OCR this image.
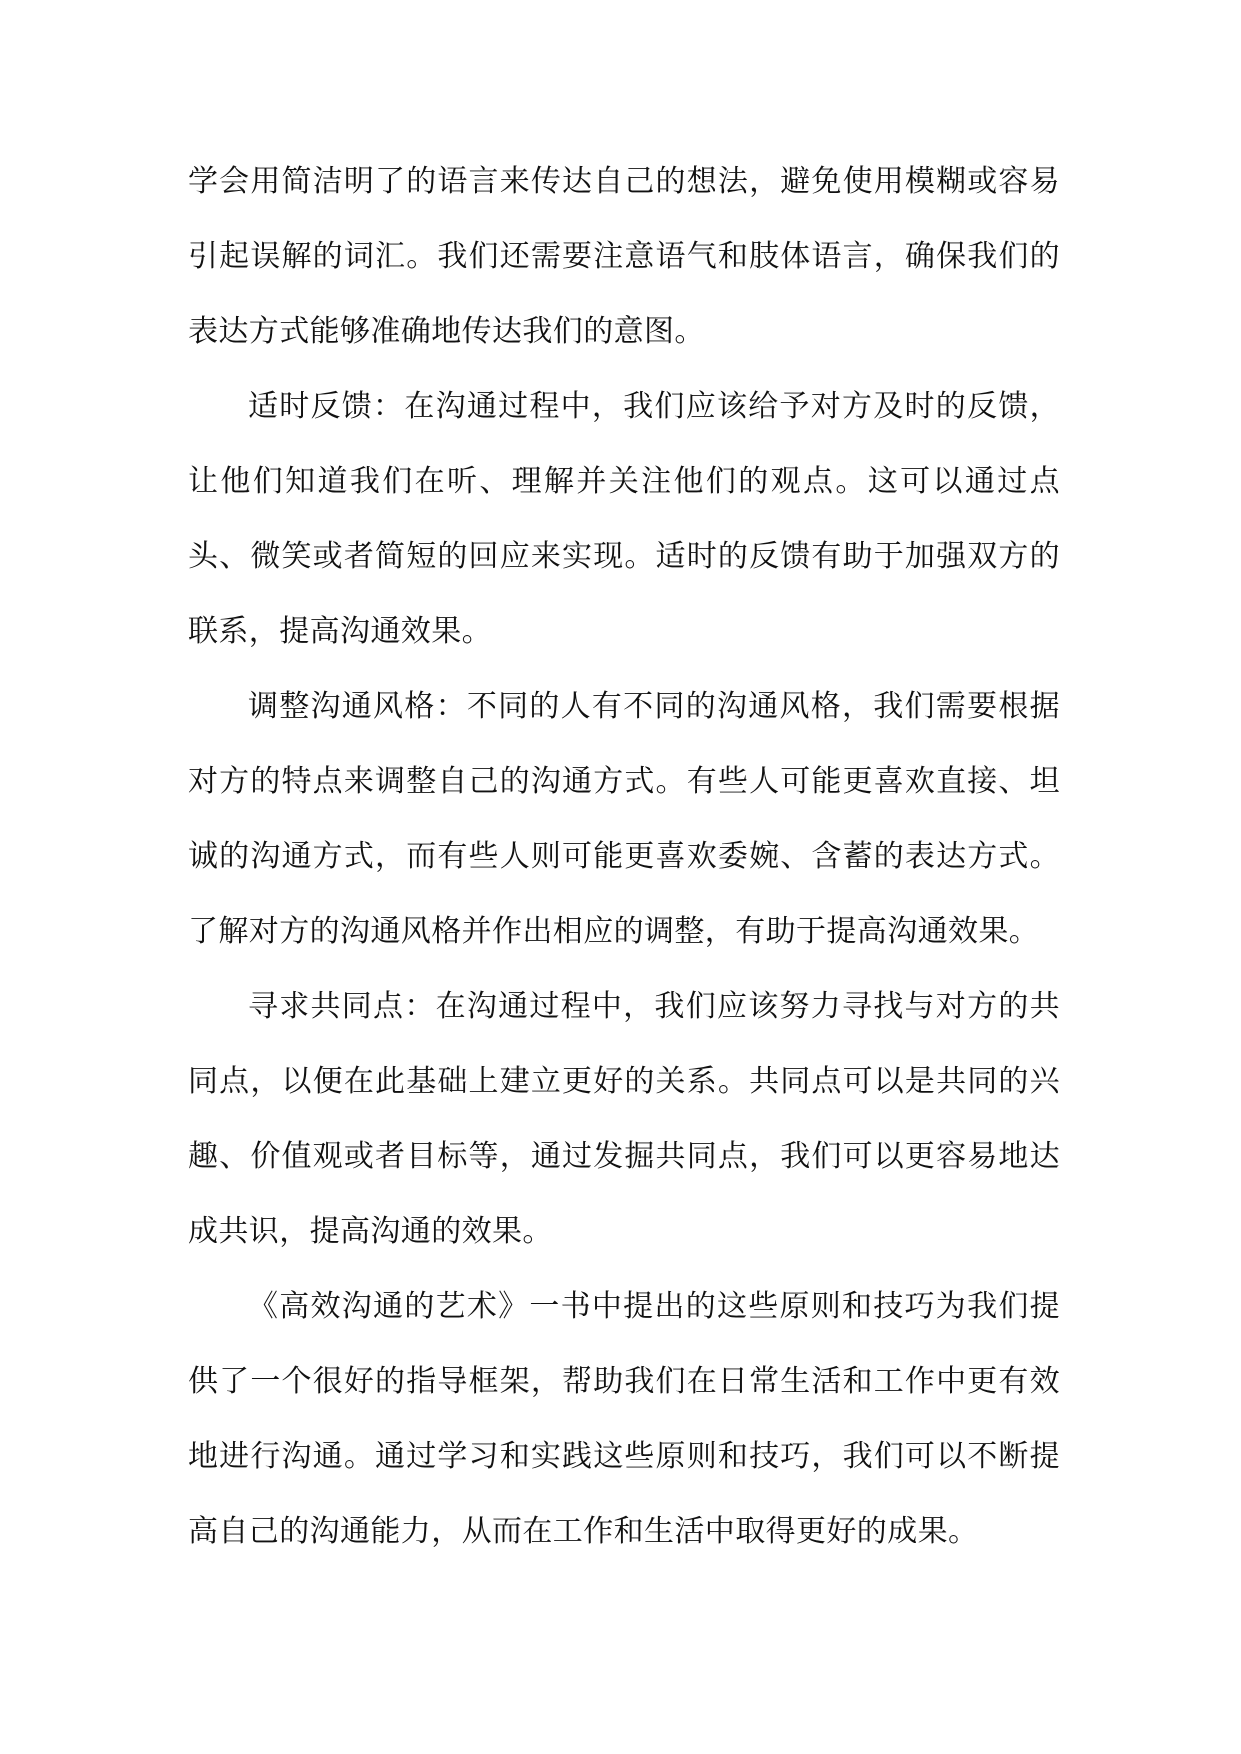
学会用简洁明了的语言来传达自己的想法，避免使用模糊或容易引起误解的词汇。我们还需要注意语气和肢体语言，确保我们的表达方式能够准确地传达我们的意图。

适时反馈：在沟通过程中，我们应该给予对方及时的反馈，让他们知道我们在听、理解并关注他们的观点。这可以通过点头、微笑或者简短的回应来实现。适时的反馈有助于加强双方的联系，提高沟通效果。

调整沟通风格：不同的人有不同的沟通风格，我们需要根据对方的特点来调整自己的沟通方式。有些人可能更喜欢直接、坦诚的沟通方式，而有些人则可能更喜欢委婉、含蓄的表达方式。了解对方的沟通风格并作出相应的调整，有助于提高沟通效果。

寻求共同点：在沟通过程中，我们应该努力寻找与对方的共同点，以便在此基础上建立更好的关系。共同点可以是共同的兴趣、价值观或者目标等，通过发掘共同点，我们可以更容易地达成共识，提高沟通的效果。

《高效沟通的艺术》一书中提出的这些原则和技巧为我们提供了一个很好的指导框架，帮助我们在日常生活和工作中更有效地进行沟通。通过学习和实践这些原则和技巧，我们可以不断提高自己的沟通能力，从而在工作和生活中取得更好的成果。
